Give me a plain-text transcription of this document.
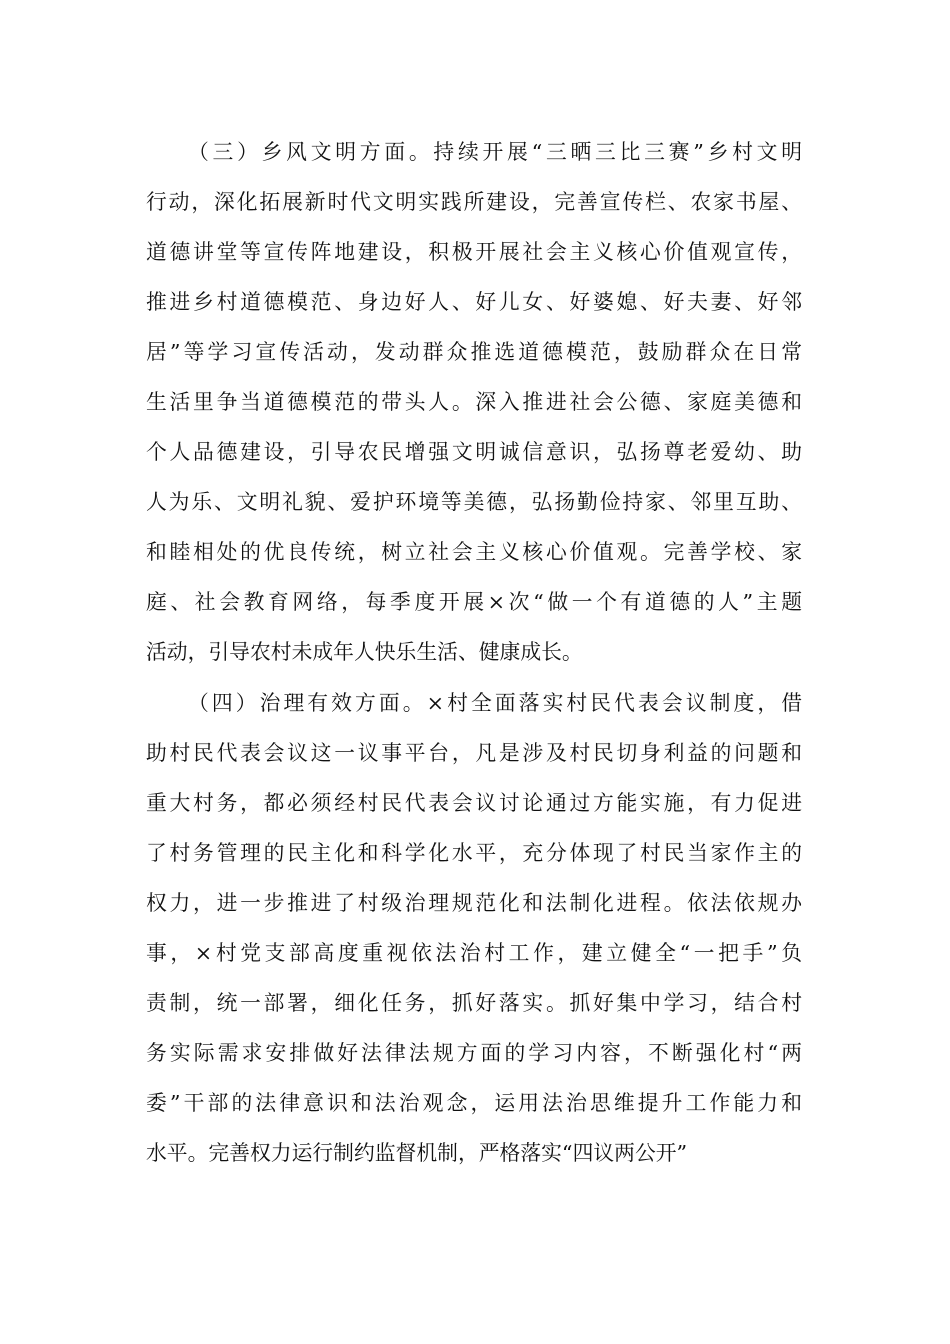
（三）乡风文明方面。持续开展“三晒三比三赛”乡村文明
行动，深化拓展新时代文明实践所建设，完善宣传栏、农家书屋、
道德讲堂等宣传阵地建设，积极开展社会主义核心价值观宣传，
推进乡村道德模范、身边好人、好儿女、好婆媳、好夫妻、好邻
居”等学习宣传活动，发动群众推选道德模范，鼓励群众在日常
生活里争当道德模范的带头人。深入推进社会公德、家庭美德和
个人品德建设，引导农民增强文明诚信意识，弘扬尊老爱幼、助
人为乐、文明礼貌、爱护环境等美德，弘扬勤俭持家、邻里互助、
和睦相处的优良传统，树立社会主义核心价值观。完善学校、家
庭、社会教育网络，每季度开展×次“做一个有道德的人”主题
活动，引导农村未成年人快乐生活、健康成长。
（四）治理有效方面。×村全面落实村民代表会议制度，借
助村民代表会议这一议事平台，凡是涉及村民切身利益的问题和
重大村务，都必须经村民代表会议讨论通过方能实施，有力促进
了村务管理的民主化和科学化水平，充分体现了村民当家作主的
权力，进一步推进了村级治理规范化和法制化进程。依法依规办
事，×村党支部高度重视依法治村工作，建立健全“一把手”负
责制，统一部署，细化任务，抓好落实。抓好集中学习，结合村
务实际需求安排做好法律法规方面的学习内容，不断强化村“两
委”干部的法律意识和法治观念，运用法治思维提升工作能力和
水平。完善权力运行制约监督机制，严格落实“四议两公开”
